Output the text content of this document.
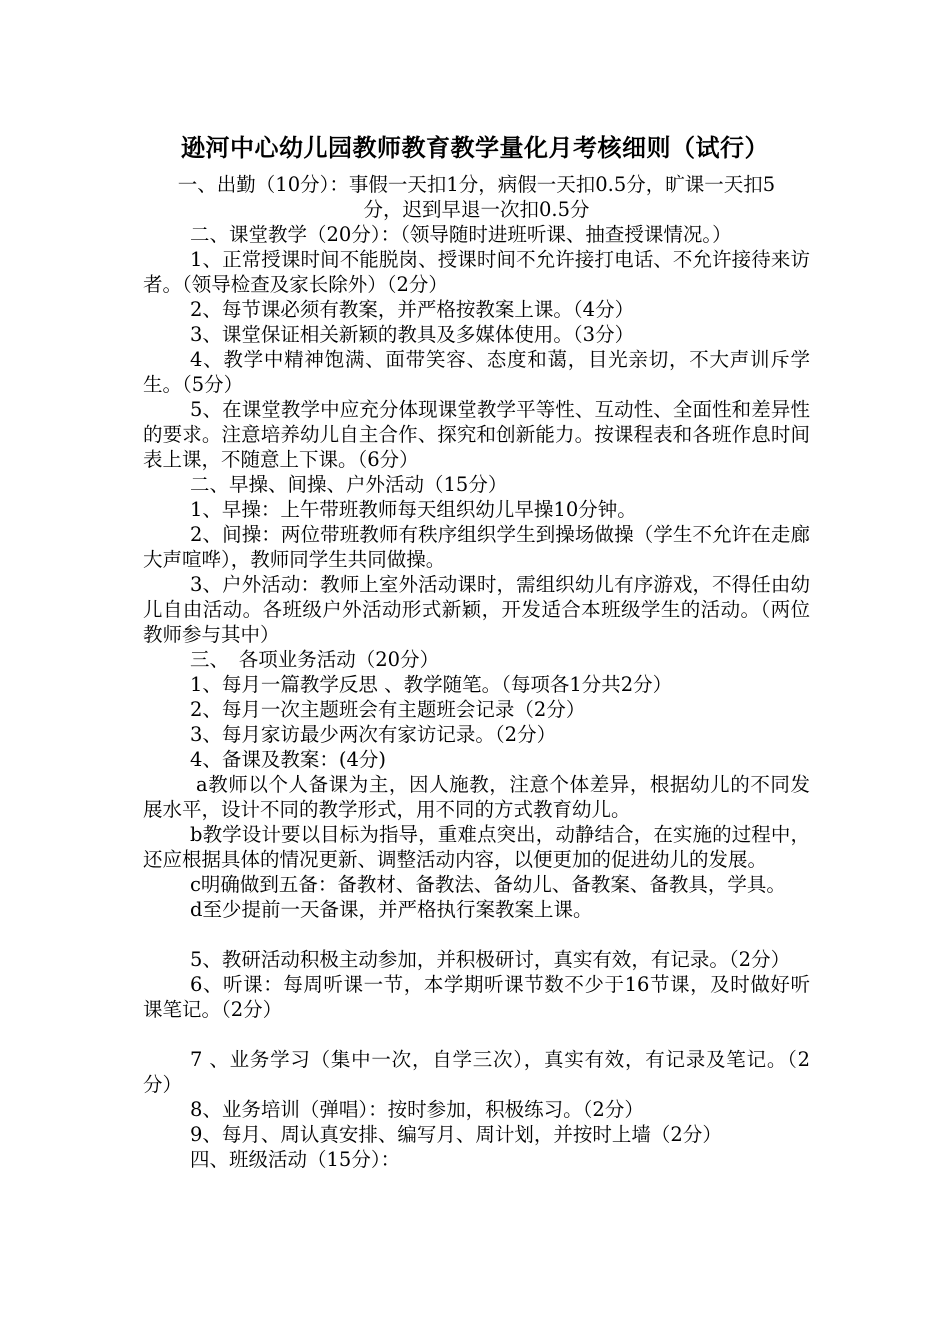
逊河中心幼儿园教师教育教学量化月考核细则（试行）

一、出勤（10分）：事假一天扣1分，病假一天扣0.5分，旷课一天扣5分，迟到早退一次扣0.5分

二、课堂教学（20分）：（领导随时进班听课、抽查授课情况。）

1、正常授课时间不能脱岗、授课时间不允许接打电话、不允许接待来访者。（领导检查及家长除外）（2分）

2、每节课必须有教案，并严格按教案上课。（4分）

3、课堂保证相关新颖的教具及多媒体使用。（3分）

4、教学中精神饱满、面带笑容、态度和蔼，目光亲切，不大声训斥学生。（5分）

5、在课堂教学中应充分体现课堂教学平等性、互动性、全面性和差异性的要求。注意培养幼儿自主合作、探究和创新能力。按课程表和各班作息时间表上课，不随意上下课。（6分）

二、早操、间操、户外活动（15分）

1、早操：上午带班教师每天组织幼儿早操10分钟。

2、间操：两位带班教师有秩序组织学生到操场做操（学生不允许在走廊大声喧哗），教师同学生共同做操。

3、户外活动：教师上室外活动课时，需组织幼儿有序游戏，不得任由幼儿自由活动。各班级户外活动形式新颖，开发适合本班级学生的活动。（两位教师参与其中）

三、　各项业务活动（20分）

1、每月一篇教学反思 、教学随笔。（每项各1分共2分）

2、每月一次主题班会有主题班会记录（2分）

3、每月家访最少两次有家访记录。（2分）

4、备课及教案：(4分)

a教师以个人备课为主，因人施教，注意个体差异，根据幼儿的不同发展水平，设计不同的教学形式，用不同的方式教育幼儿。

b教学设计要以目标为指导，重难点突出，动静结合，在实施的过程中，还应根据具体的情况更新、调整活动内容，以便更加的促进幼儿的发展。

c明确做到五备：备教材、备教法、备幼儿、备教案、备教具，学具。

d至少提前一天备课，并严格执行案教案上课。

5、教研活动积极主动参加，并积极研讨，真实有效，有记录。（2分）

6、听课：每周听课一节，本学期听课节数不少于16节课，及时做好听课笔记。（2分）

7 、业务学习（集中一次，自学三次），真实有效，有记录及笔记。（2分）

8、业务培训（弹唱）：按时参加，积极练习。（2分）

9、每月、周认真安排、编写月、周计划，并按时上墙（2分）

四、班级活动（15分）：
